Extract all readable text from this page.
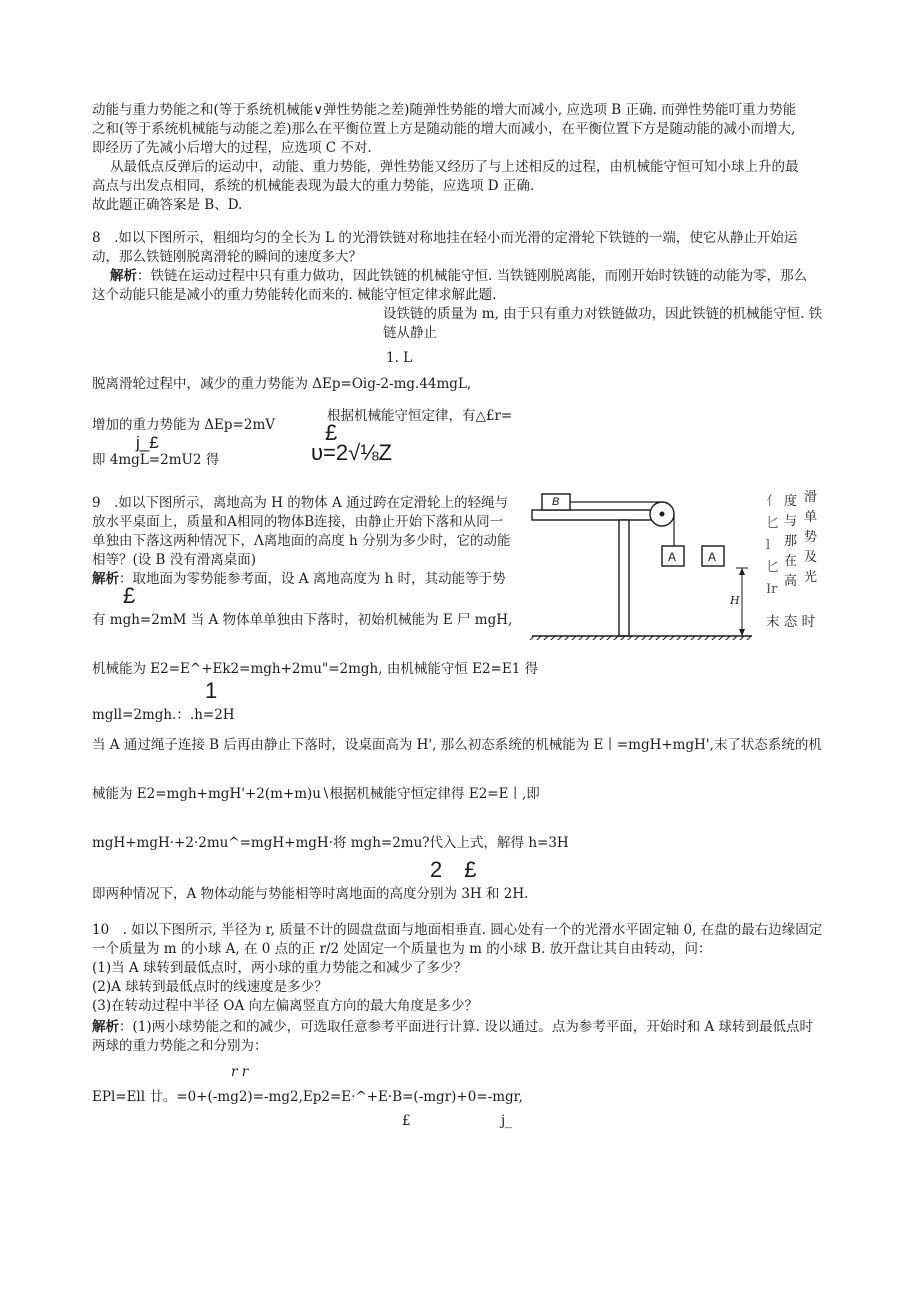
动能与重力势能之和(等于系统机械能∨弹性势能之差)随弹性势能的增大而减小, 应选项 B 正确. 而弹性势能叮重力势能
之和(等于系统机械能与动能之差)那么在平衡位置上方是随动能的增大而减小，在平衡位置下方是随动能的减小而增大,
即经历了先减小后增大的过程，应选项 C 不对.
从最低点反弹后的运动中，动能、重力势能，弹性势能又经历了与上述相反的过程，由机械能守恒可知小球上升的最
高点与出发点相同，系统的机械能表现为最大的重力势能，应选项 D 正确.
故此题正确答案是 B、D.
8　.如以下图所示，粗细均匀的全长为 L 的光滑铁链对称地挂在轻小而光滑的定滑轮下铁链的一端，使它从静止开始运
动，那么铁链刚脱离滑轮的瞬间的速度多大？
解析：铁链在运动过程中只有重力做功，因此铁链的机械能守恒. 当铁链刚脱离能，而刚开始时铁链的动能为零，那么
这个动能只能是减小的重力势能转化而来的. 械能守恒定律求解此题.
设铁链的质量为 m, 由于只有重力对铁链做功，因此铁链的机械能守恒. 铁
链从静止
1. L
脱离滑轮过程中，减少的重力势能为 ΔEp=Oig-2-mg.44mgL,
增加的重力势能为 ΔEp=2mV
根据机械能守恒定律，有△£r=
£
j_£	υ=2√⅛Z
即 4mgL=2mU2 得
9　.如以下图所示，离地高为 H 的物体 A 通过跨在定滑轮上的轻绳与
放水平桌面上，质量和A相同的物体B连接，由静止开始下落和从同一
单独由下落这两种情况下，Λ离地面的高度 h 分别为多少时，它的动能
相等？(设 B 没有滑离桌面)
解析：取地面为零势能参考面，设 A 离地高度为 h 时，其动能等于势
£
有 mgh=2mM 当 A 物体单单独由下落时，初始机械能为 E 尸 mgH,
B
A	A
H
亻
匕
l
匕
Ir
度
与
那
在
高
滑
单
势
及
光
末 态 时
机械能为 E2=E^+Ek2=mgh+2mu"=2mgh, 由机械能守恒 E2=E1 得
1
mgll=2mgh.：.h=2H
当 A 通过绳子连接 B 后再由静止下落时，设桌面高为 H', 那么初态系统的机械能为 E丨=mgH+mgH',末了状态系统的机
械能为 E2=mgh+mgH'+2(m+m)u∖根据机械能守恒定律得 E2=E丨,即
mgH+mgH·+2·2mu^=mgH+mgH·将 mgh=2mu?代入上式，解得 h=3H
2　£
即两种情况下，A 物体动能与势能相等时离地面的高度分别为 3H 和 2H.
10　. 如以下图所示, 半径为 r, 质量不计的圆盘盘面与地面相垂直. 圆心处有一个的光滑水平固定轴 0, 在盘的最右边缘固定
一个质量为 m 的小球 A, 在 0 点的正 r/2 处固定一个质量也为 m 的小球 B. 放开盘让其自由转动，问：
(1)当 A 球转到最低点时，两小球的重力势能之和减少了多少？
(2)A 球转到最低点时的线速度是多少？
(3)在转动过程中半径 OA 向左偏离竖直方向的最大角度是多少？
解析：(1)两小球势能之和的减少，可选取任意参考平面进行计算. 设以通过。点为参考平面，开始时和 A 球转到最低点时
两球的重力势能之和分别为：
r r
EPl=Ell 廿。=0+(-mg2)=-mg2,Ep2=E·^+E·B=(-mgr)+0=-mgr,
£	j_
